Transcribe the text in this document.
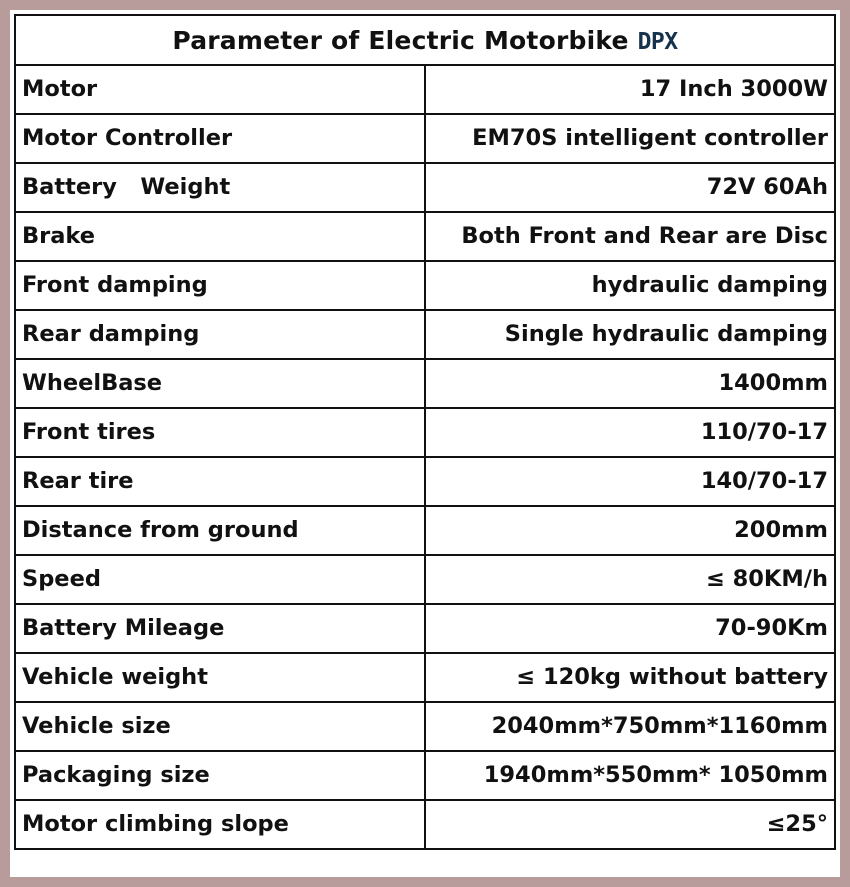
Parameter of Electric Motorbike DPX	
Motor	17 Inch 3000W
Motor Controller	EM70S intelligent controller
Battery   Weight	72V 60Ah
Brake	Both Front and Rear are Disc
Front damping	hydraulic damping
Rear damping	Single hydraulic damping
WheelBase	1400mm
Front tires	110/70-17
Rear tire	140/70-17
Distance from ground	200mm
Speed	≤ 80KM/h
Battery Mileage	70-90Km
Vehicle weight	≤ 120kg without battery
Vehicle size	2040mm*750mm*1160mm
Packaging size	1940mm*550mm* 1050mm
Motor climbing slope	≤25°
